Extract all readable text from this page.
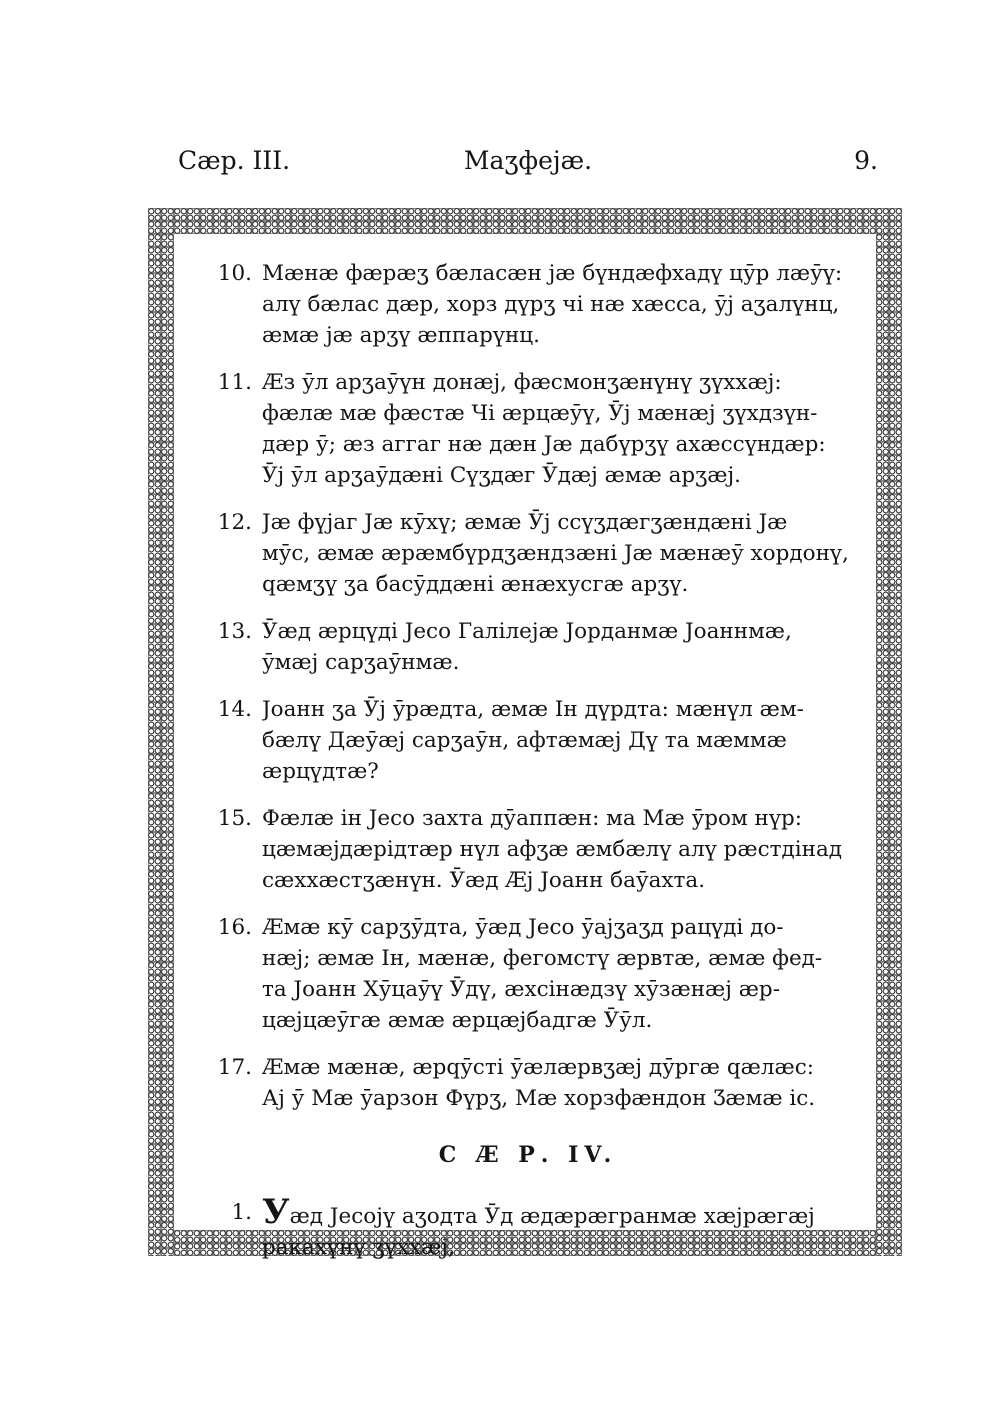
Сæр. III.	Маʒфејæ.	9.
10. Мæнæ фæрæʒ бæласæн јæ бүндæфхадү цӯр лæӯү:
алү бæлас дæр, хорз дүрʒ чі нæ хæсса, ӯј аʒалүнц,
æмæ јæ арʒү æппарүнц.
11. Æз ӯл арʒаӯүн донæј, фæсмонʒæнүнү ʒүххæј:
фæлæ мæ фæстæ Чі æрцæӯү, Ӯј мæнæј ʒүхдзүн-
дæр ӯ; æз аггаг нæ дæн Јæ дабүрʒү ахæссүндæр:
Ӯј ӯл арʒаӯдæні Сүʒдæг Ӯдæј æмæ арʒæј.
12. Јæ фүјаг Јæ кӯхү; æмæ Ӯј ссүʒдæгʒæндæні Јæ
мӯс, æмæ æрæмбүрдʒæндзæні Јæ мæнæӯ хордонү,
qæмʒү ʒа басӯддæні æнæхусгæ арʒү.
13. Ӯæд æрцүді Јесо Галілејæ Јорданмæ Јоаннмæ,
ӯмæј сарʒаӯнмæ.
14. Јоанн ʒа Ӯј ӯрæдта, æмæ Ін дүрдта: мæнүл æм-
бæлү Дæӯæј сарʒаӯн, афтæмæј Дү та мæммæ
æрцүдтæ?
15. Фæлæ ін Јесо захта дӯаппæн: ма Мæ ӯром нүр:
цæмæјдæрідтæр нүл афʒæ æмбæлү алү рæстдінад
сæххæстʒæнүн. Ӯæд Æј Јоанн баӯахта.
16. Æмæ кӯ сарʒӯдта, ӯæд Јесо ӯајʒаʒд рацүді до-
нæј; æмæ Ін, мæнæ, фегомстү æрвтæ, æмæ фед-
та Јоанн Хӯцаӯү Ӯдү, æхсінæдзү хӯзæнæј æр-
цæјцæӯгæ æмæ æрцæјбадгæ Ӯӯл.
17. Æмæ мæнæ, æрqӯсті ӯæлæрвʒæј дӯргæ qæлæс:
Ај ӯ Мæ ӯарзон Фүрʒ, Мæ хорзфæндон Ʒæмæ іс.
С Æ Р. IV.
1. Уæд Јесојү аʒодта Ӯд æдæрæгранмæ хæјрæгæј
ракахүнү ʒүххæј,
